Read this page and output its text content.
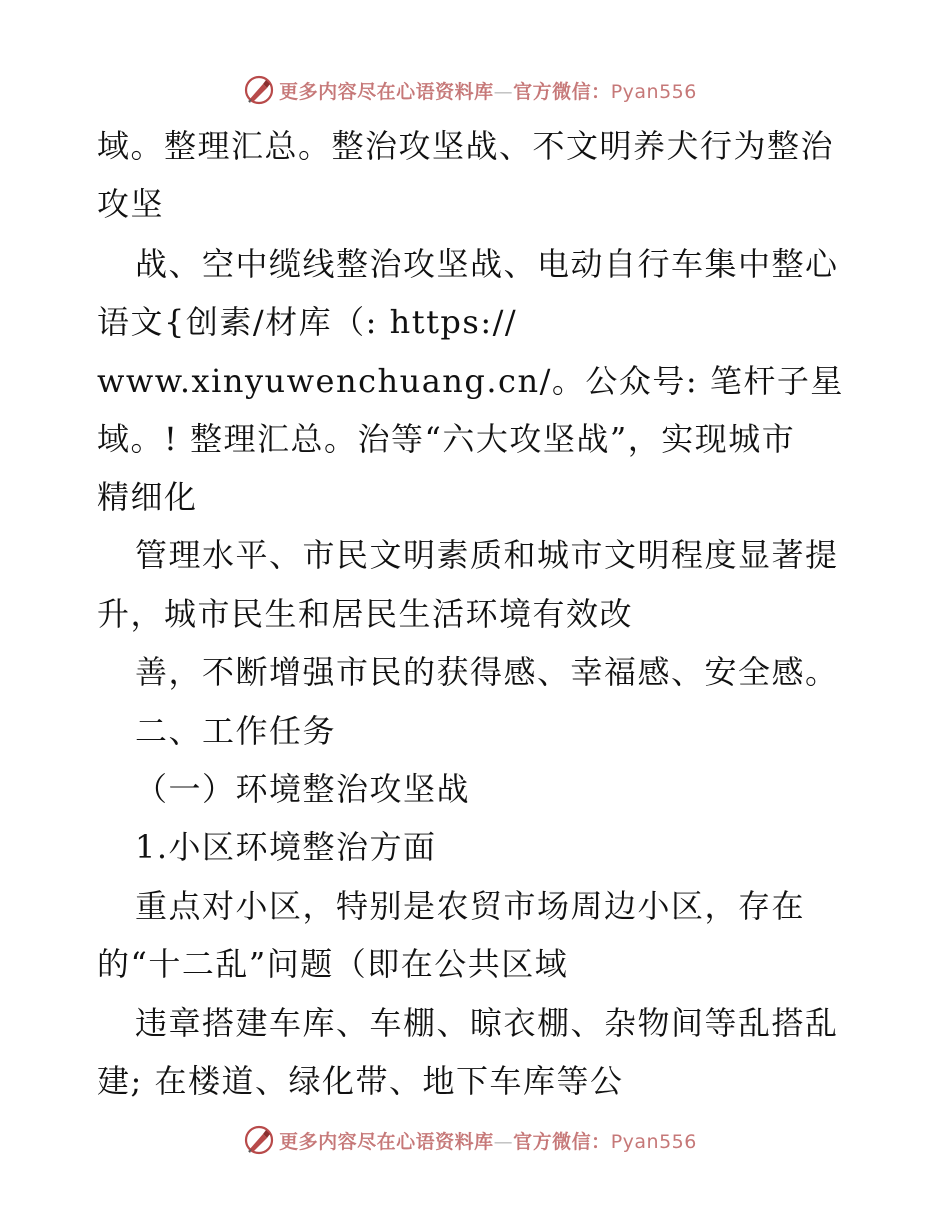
更多内容尽在心语资料库—官方微信：Pyan556
域。整理汇总。整治攻坚战、不文明养犬行为整治
攻坚
战、空中缆线整治攻坚战、电动自行车集中整心
语文{创素/材库（: https://
www.xinyuwenchuang.cn/。公众号: 笔杆子星
域。! 整理汇总。治等“六大攻坚战”，实现城市
精细化
管理水平、市民文明素质和城市文明程度显著提
升，城市民生和居民生活环境有效改
善，不断增强市民的获得感、幸福感、安全感。
二、工作任务
（一）环境整治攻坚战
1.小区环境整治方面
重点对小区，特别是农贸市场周边小区，存在
的“十二乱”问题（即在公共区域
违章搭建车库、车棚、晾衣棚、杂物间等乱搭乱
建; 在楼道、绿化带、地下车库等公
更多内容尽在心语资料库—官方微信：Pyan556
